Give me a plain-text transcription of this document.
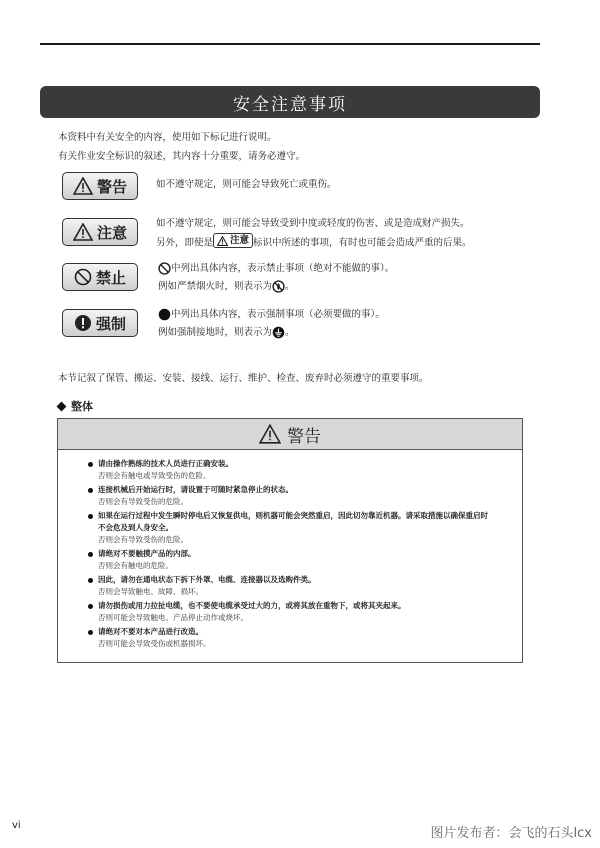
安全注意事项
本资料中有关安全的内容，使用如下标记进行说明。
有关作业安全标识的叙述，其内容十分重要，请务必遵守。
警告	如不遵守规定，则可能会导致死亡或重伤。
注意	如不遵守规定，则可能会导致受到中度或轻度的伤害、或是造成财产损失。
另外，即使是 注意 标识中所述的事项，有时也可能会造成严重的后果。
禁止	中列出具体内容，表示禁止事项（绝对不能做的事）。
例如严禁烟火时，则表示为 。
强制	中列出具体内容，表示强制事项（必须要做的事）。
例如强制接地时，则表示为 。
本节记叙了保管、搬运、安装、接线、运行、维护、检查、废弃时必须遵守的重要事项。
整体
警告
请由操作熟练的技术人员进行正确安装。
否则会有触电或导致受伤的危险。
连接机械后开始运行时，请设置于可随时紧急停止的状态。
否则会有导致受伤的危险。
如果在运行过程中发生瞬时停电后又恢复供电，则机器可能会突然重启，因此切勿靠近机器。请采取措施以确保重启时不会危及到人身安全。
否则会有导致受伤的危险。
请绝对不要触摸产品的内部。
否则会有触电的危险。
因此，请勿在通电状态下拆下外罩、电缆、连接器以及选购件类。
否则会导致触电、故障、损坏。
请勿损伤或用力拉扯电缆，也不要使电缆承受过大的力，或将其放在重物下，或将其夹起来。
否则可能会导致触电、产品停止动作或烧坏。
请绝对不要对本产品进行改造。
否则可能会导致受伤或机器损坏。
vi
图片发布者：会飞的石头lcx
